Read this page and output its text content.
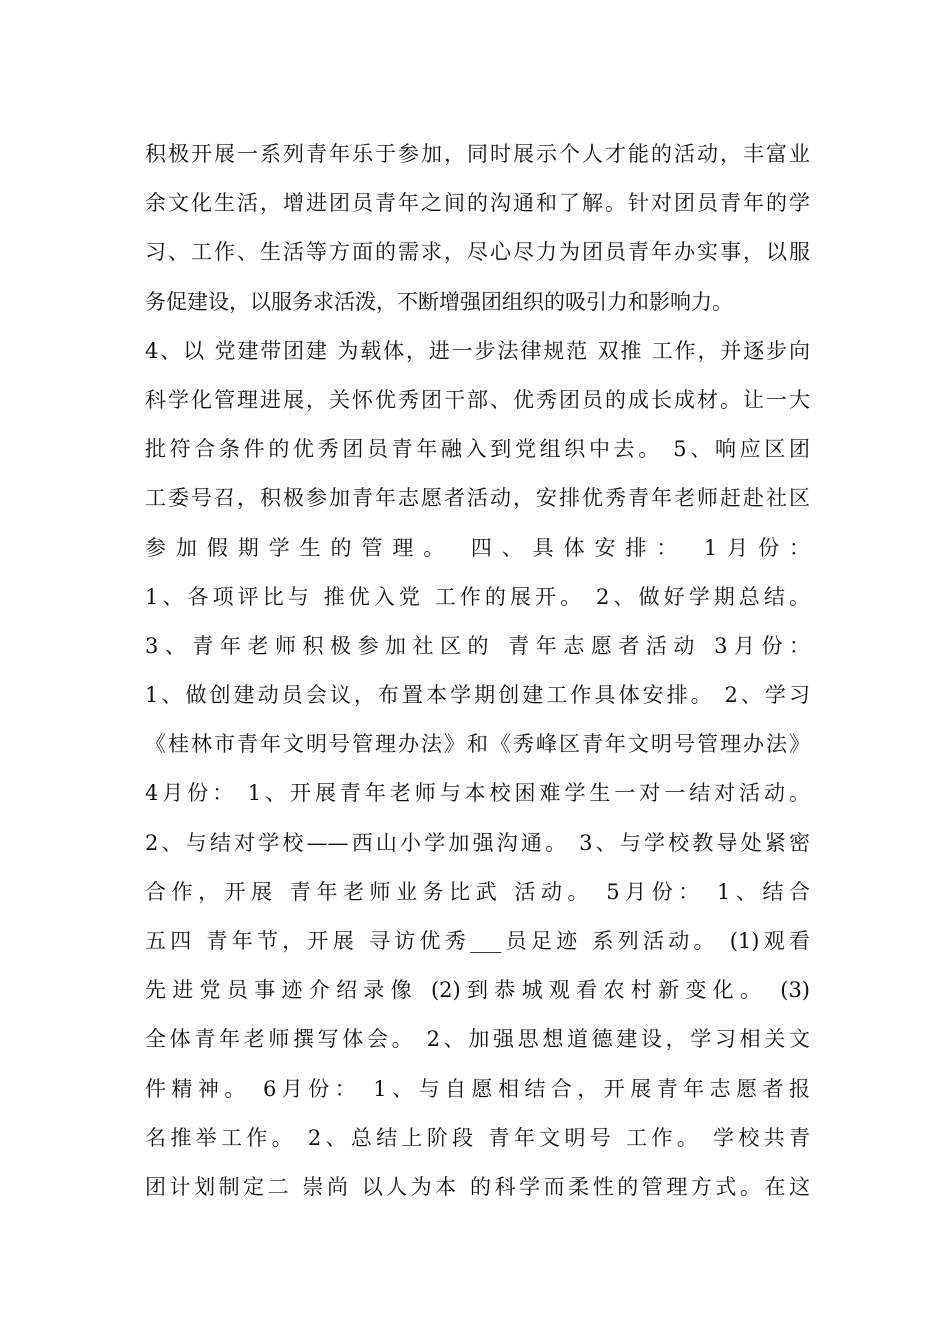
积极开展一系列青年乐于参加，同时展示个人才能的活动，丰富业
余文化生活，增进团员青年之间的沟通和了解。针对团员青年的学
习、工作、生活等方面的需求，尽心尽力为团员青年办实事，以服
务促建设，以服务求活泼，不断增强团组织的吸引力和影响力。
4、以 党建带团建 为载体，进一步法律规范 双推 工作，并逐步向
科学化管理进展，关怀优秀团干部、优秀团员的成长成材。让一大
批符合条件的优秀团员青年融入到党组织中去。 5、响应区团
工委号召，积极参加青年志愿者活动，安排优秀青年老师赶赴社区
参加假期学生的管理。 四、具体安排： 1月份：
1、各项评比与 推优入党 工作的展开。 2、做好学期总结。
3、青年老师积极参加社区的 青年志愿者活动 3月份：
1、做创建动员会议，布置本学期创建工作具体安排。 2、学习
《桂林市青年文明号管理办法》和《秀峰区青年文明号管理办法》
4月份： 1、开展青年老师与本校困难学生一对一结对活动。
2、与结对学校——西山小学加强沟通。 3、与学校教导处紧密
合作，开展 青年老师业务比武 活动。 5月份： 1、结合
五四 青年节，开展 寻访优秀___员足迹 系列活动。 (1)观看
先进党员事迹介绍录像 (2)到恭城观看农村新变化。 (3)
全体青年老师撰写体会。 2、加强思想道德建设，学习相关文
件精神。 6月份： 1、与自愿相结合，开展青年志愿者报
名推举工作。 2、总结上阶段 青年文明号 工作。 学校共青
团计划制定二 崇尚 以人为本 的科学而柔性的管理方式。在这
